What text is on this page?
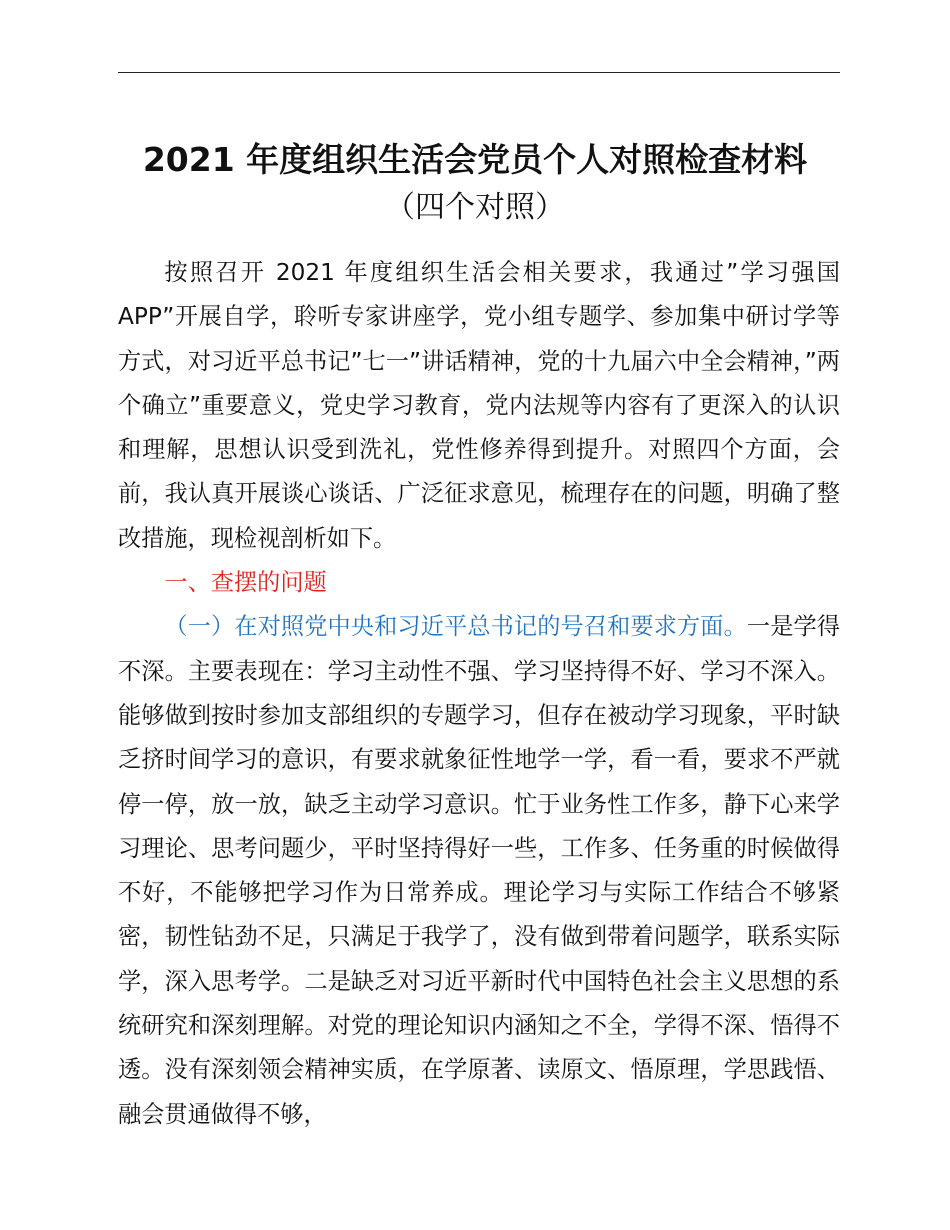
2021 年度组织生活会党员个人对照检查材料
（四个对照）

按照召开 2021 年度组织生活会相关要求，我通过”学习强国APP”开展自学，聆听专家讲座学，党小组专题学、参加集中研讨学等方式，对习近平总书记”七一”讲话精神，党的十九届六中全会精神，”两个确立”重要意义，党史学习教育，党内法规等内容有了更深入的认识和理解，思想认识受到洗礼，党性修养得到提升。对照四个方面，会前，我认真开展谈心谈话、广泛征求意见，梳理存在的问题，明确了整改措施，现检视剖析如下。

一、查摆的问题

（一）在对照党中央和习近平总书记的号召和要求方面。一是学得不深。主要表现在：学习主动性不强、学习坚持得不好、学习不深入。能够做到按时参加支部组织的专题学习，但存在被动学习现象，平时缺乏挤时间学习的意识，有要求就象征性地学一学，看一看，要求不严就停一停，放一放，缺乏主动学习意识。忙于业务性工作多，静下心来学习理论、思考问题少，平时坚持得好一些，工作多、任务重的时候做得不好，不能够把学习作为日常养成。理论学习与实际工作结合不够紧密，韧性钻劲不足，只满足于我学了，没有做到带着问题学，联系实际学，深入思考学。二是缺乏对习近平新时代中国特色社会主义思想的系统研究和深刻理解。对党的理论知识内涵知之不全，学得不深、悟得不透。没有深刻领会精神实质，在学原著、读原文、悟原理，学思践悟、融会贯通做得不够，
